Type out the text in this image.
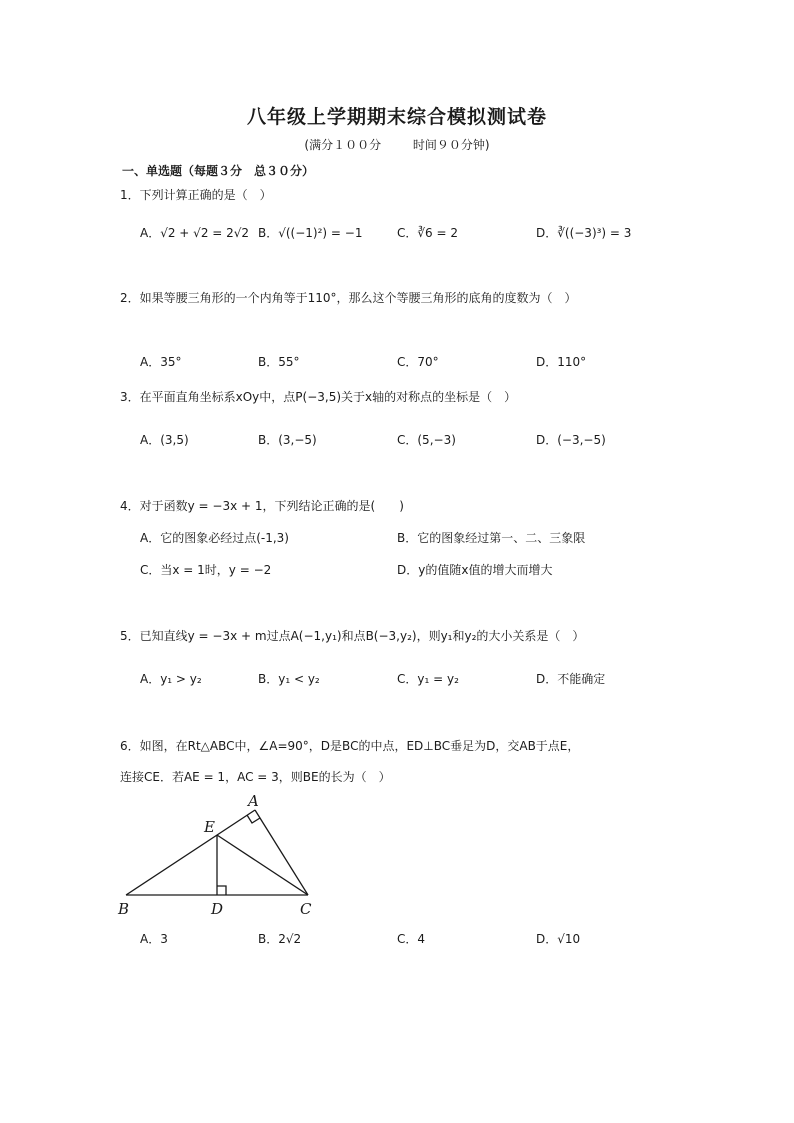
八年级上学期期末综合模拟测试卷
(满分１００分	时间９０分钟)
一、单选题（每题３分　总３０分）
1．下列计算正确的是（　）
A．√2 + √2 = 2√2 B．√((−1)²) = −1	C．∛6 = 2	D．∛((−3)³) = 3
2．如果等腰三角形的一个内角等于110°，那么这个等腰三角形的底角的度数为（　）
A．35°	B．55°	C．70°	D．110°
3．在平面直角坐标系xOy中，点P(−3,5)关于x轴的对称点的坐标是（　）
A．(3,5)	B．(3,−5)	C．(5,−3)	D．(−3,−5)
4．对于函数y = −3x + 1，下列结论正确的是(　　)
A．它的图象必经过点(-1,3)	B．它的图象经过第一、二、三象限
C．当x = 1时，y = −2	D．y的值随x值的增大而增大
5．已知直线y = −3x + m过点A(−1,y₁)和点B(−3,y₂)，则y₁和y₂的大小关系是（　）
A．y₁ > y₂	B．y₁ < y₂	C．y₁ = y₂	D．不能确定
6．如图，在Rt△ABC中，∠A=90°，D是BC的中点，ED⊥BC垂足为D，交AB于点E，
连接CE．若AE = 1，AC = 3，则BE的长为（　）
A
E
B	D	C
A．3	B．2√2	C．4	D．√10
